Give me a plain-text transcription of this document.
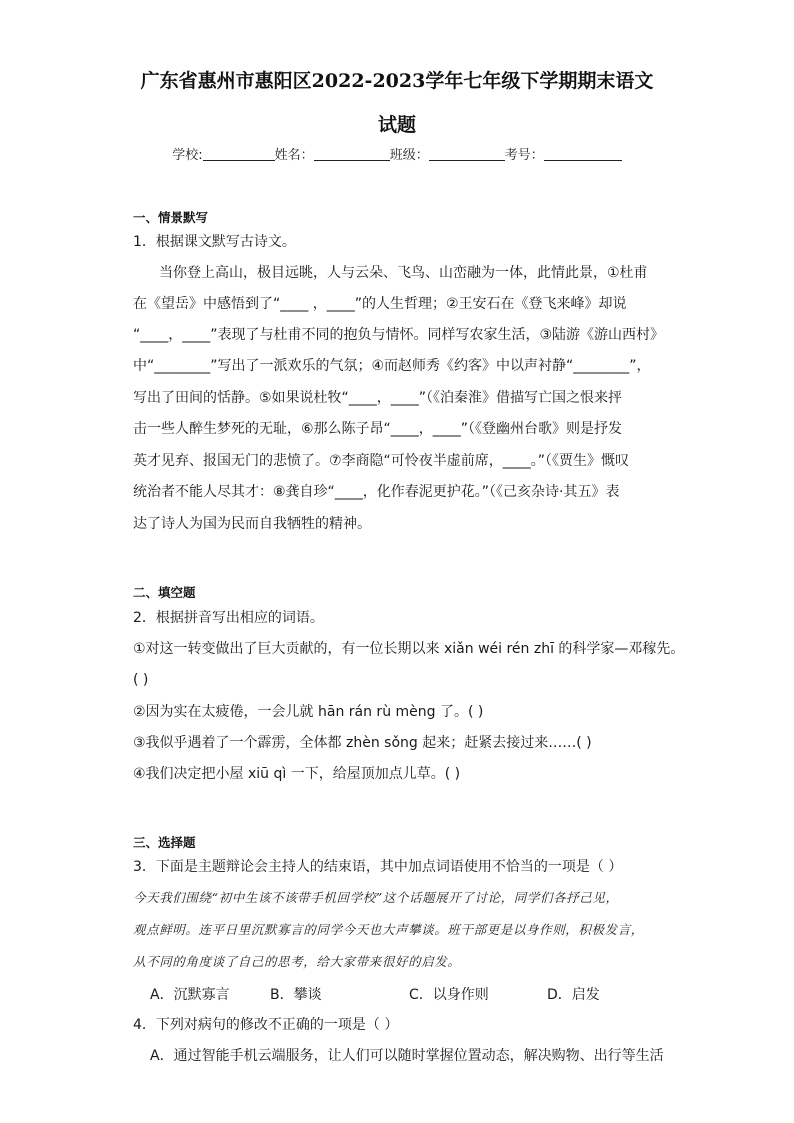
广东省惠州市惠阳区2022-2023学年七年级下学期期末语文
试题
学校:	姓名：	班级：	考号：
一、情景默写
1．根据课文默写古诗文。
当你登上高山，极目远眺，人与云朵、飞鸟、山峦融为一体，此情此景，①杜甫
在《望岳》中感悟到了“____ ，____”的人生哲理；②王安石在《登飞来峰》却说
“____，____”表现了与杜甫不同的抱负与情怀。同样写农家生活，③陆游《游山西村》
中“________”写出了一派欢乐的气氛；④而赵师秀《约客》中以声衬静“________”，
写出了田间的恬静。⑤如果说杜牧“____，____”（《泊秦淮》借描写亡国之恨来抨
击一些人醉生梦死的无耻，⑥那么陈子昂“____，____”（《登幽州台歌》则是抒发
英才见弃、报国无门的悲愤了。⑦李商隐“可怜夜半虚前席，____。”（《贾生》慨叹
统治者不能人尽其才：⑧龚自珍“____，化作春泥更护花。”（《己亥杂诗·其五》表
达了诗人为国为民而自我牺牲的精神。
二、填空题
2．根据拼音写出相应的词语。
①对这一转变做出了巨大贡献的，有一位长期以来 xiǎn wéi rén zhī 的科学家—邓稼先。
( )
②因为实在太疲倦，一会儿就 hān rán rù mèng 了。( )
③我似乎遇着了一个霹雳，全体都 zhèn sǒng 起来；赶紧去接过来……( )
④我们决定把小屋 xiū qì 一下，给屋顶加点儿草。( )
三、选择题
3．下面是主题辩论会主持人的结束语，其中加点词语使用不恰当的一项是（ ）
今天我们围绕“初中生该不该带手机回学校”这个话题展开了讨论，同学们各抒己见，
观点鲜明。连平日里沉默寡言的同学今天也大声攀谈。班干部更是以身作则，积极发言，
从不同的角度谈了自己的思考，给大家带来很好的启发。
A．沉默寡言	B．攀谈	C．以身作则	D．启发
4．下列对病句的修改不正确的一项是（ ）
A．通过智能手机云端服务，让人们可以随时掌握位置动态，解决购物、出行等生活
